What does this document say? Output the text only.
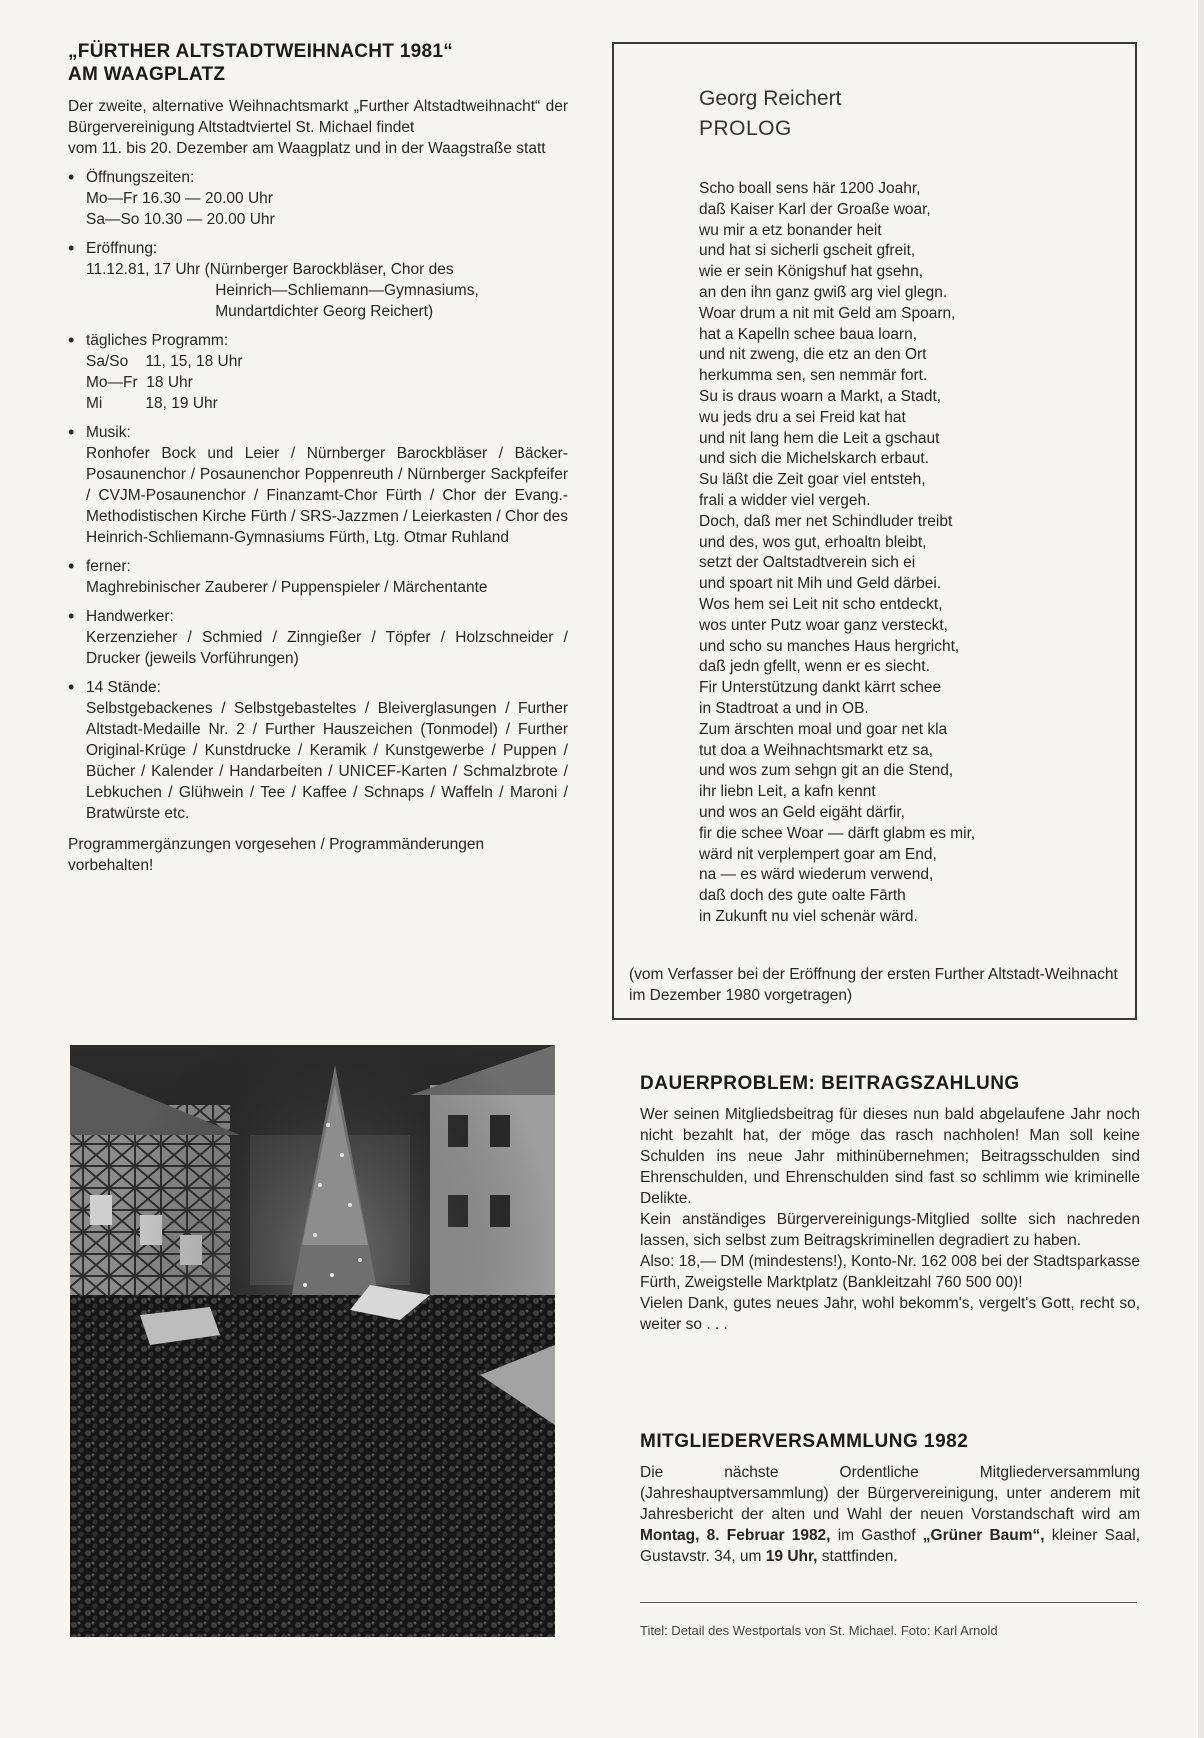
„FÜRTHER ALTSTADTWEIHNACHT 1981“
AM WAAGPLATZ

Der zweite, alternative Weihnachtsmarkt „Further Altstadtweihnacht“ der Bürgervereinigung Altstadtviertel St. Michael findet

vom 11. bis 20. Dezember am Waagplatz und in der Waagstraße statt

• Öffnungszeiten:
Mo—Fr 16.30 — 20.00 Uhr
Sa—So 10.30 — 20.00 Uhr
• Eröffnung:
11.12.81, 17 Uhr (Nürnberger Barockbläser, Chor des
Heinrich—Schliemann—Gymnasiums,
Mundartdichter Georg Reichert)
• tägliches Programm:
Sa/So    11, 15, 18 Uhr
Mo—Fr  18 Uhr
Mi          18, 19 Uhr
• Musik:
Ronhofer Bock und Leier / Nürnberger Barockbläser / Bäcker-Posaunenchor / Posaunenchor Poppenreuth / Nürnberger Sackpfeifer / CVJM-Posaunenchor / Finanzamt-Chor Fürth / Chor der Evang.-Methodistischen Kirche Fürth / SRS-Jazzmen / Leierkasten / Chor des Heinrich-Schliemann-Gymnasiums Fürth, Ltg. Otmar Ruhland
• ferner:
Maghrebinischer Zauberer / Puppenspieler / Märchentante
• Handwerker:
Kerzenzieher / Schmied / Zinngießer / Töpfer / Holzschneider / Drucker (jeweils Vorführungen)
• 14 Stände:
Selbstgebackenes / Selbstgebasteltes / Bleiverglasungen / Further Altstadt-Medaille Nr. 2 / Further Hauszeichen (Tonmodel) / Further Original-Krüge / Kunstdrucke / Keramik / Kunstgewerbe / Puppen / Bücher / Kalender / Handarbeiten / UNICEF-Karten / Schmalzbrote / Lebkuchen / Glühwein / Tee / Kaffee / Schnaps / Waffeln / Maroni / Bratwürste etc.
Programmergänzungen vorgesehen / Programmänderungen vorbehalten!
Georg Reichert
PROLOG
Scho boall sens här 1200 Joahr,
daß Kaiser Karl der Groaße woar,
wu mir a etz bonander heit
und hat si sicherli gscheit gfreit,
wie er sein Königshuf hat gsehn,
an den ihn ganz gwiß arg viel glegn.
Woar drum a nit mit Geld am Spoarn,
hat a Kapelln schee baua loarn,
und nit zweng, die etz an den Ort
herkumma sen, sen nemmär fort.
Su is draus woarn a Markt, a Stadt,
wu jeds dru a sei Freid kat hat
und nit lang hem die Leit a gschaut
und sich die Michelskarch erbaut.
Su läßt die Zeit goar viel entsteh,
frali a widder viel vergeh.
Doch, daß mer net Schindluder treibt
und des, wos gut, erhoaltn bleibt,
setzt der Oaltstadtverein sich ei
und spoart nit Mih und Geld därbei.
Wos hem sei Leit nit scho entdeckt,
wos unter Putz woar ganz versteckt,
und scho su manches Haus hergricht,
daß jedn gfellt, wenn er es siecht.
Fir Unterstützung dankt kärrt schee
in Stadtroat a und in OB.
Zum ärschten moal und goar net kla
tut doa a Weihnachtsmarkt etz sa,
und wos zum sehgn git an die Stend,
ihr liebn Leit, a kafn kennt
und wos an Geld eigäht därfir,
fir die schee Woar — därft glabm es mir,
wärd nit verplempert goar am End,
na — es wärd wiederum verwend,
daß doch des gute oalte Fārth
in Zukunft nu viel schenär wärd.
(vom Verfasser bei der Eröffnung der ersten Further Altstadt-Weihnacht im Dezember 1980 vorgetragen)
DAUERPROBLEM: BEITRAGSZAHLUNG

Wer seinen Mitgliedsbeitrag für dieses nun bald abgelaufene Jahr noch nicht bezahlt hat, der möge das rasch nachholen! Man soll keine Schulden ins neue Jahr mithinübernehmen; Beitragsschulden sind Ehrenschulden, und Ehrenschulden sind fast so schlimm wie kriminelle Delikte.

Kein anständiges Bürgervereinigungs-Mitglied sollte sich nachreden lassen, sich selbst zum Beitragskriminellen degradiert zu haben.

Also: 18,— DM (mindestens!), Konto-Nr. 162 008 bei der Stadtsparkasse Fürth, Zweigstelle Marktplatz (Bankleitzahl 760 500 00)!

Vielen Dank, gutes neues Jahr, wohl bekomm's, vergelt's Gott, recht so, weiter so . . .

MITGLIEDERVERSAMMLUNG 1982
Die nächste Ordentliche Mitgliederversammlung (Jahreshauptversammlung) der Bürgervereinigung, unter anderem mit Jahresbericht der alten und Wahl der neuen Vorstandschaft wird am Montag, 8. Februar 1982, im Gasthof „Grüner Baum“, kleiner Saal, Gustavstr. 34, um 19 Uhr, stattfinden.
Titel: Detail des Westportals von St. Michael. Foto: Karl Arnold
